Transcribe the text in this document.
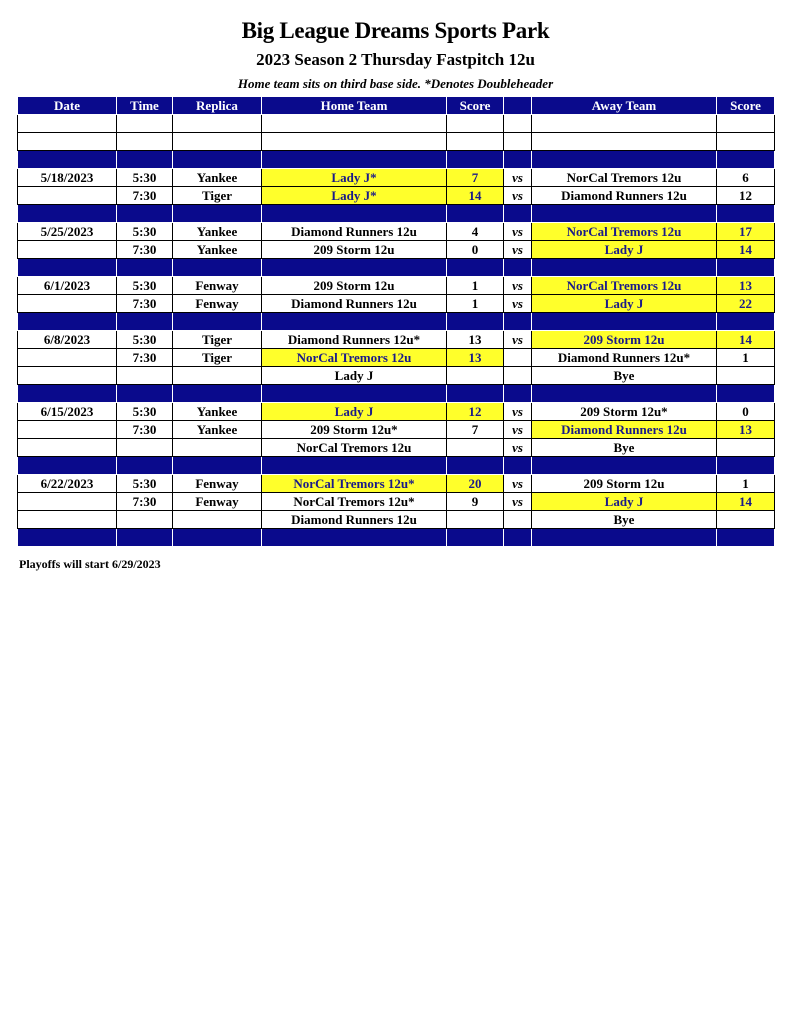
Big League Dreams Sports Park
2023 Season 2 Thursday Fastpitch 12u
Home team sits on third base side. *Denotes Doubleheader
Date	Time	Replica	Home Team	Score		Away Team	Score

5/18/2023	5:30	Yankee	Lady J*	7	vs	NorCal Tremors 12u	6
	7:30	Tiger	Lady J*	14	vs	Diamond Runners 12u	12

5/25/2023	5:30	Yankee	Diamond Runners 12u	4	vs	NorCal Tremors 12u	17
	7:30	Yankee	209 Storm 12u	0	vs	Lady J	14

6/1/2023	5:30	Fenway	209 Storm 12u	1	vs	NorCal Tremors 12u	13
	7:30	Fenway	Diamond Runners 12u	1	vs	Lady J	22

6/8/2023	5:30	Tiger	Diamond Runners 12u*	13	vs	209 Storm 12u	14
	7:30	Tiger	NorCal Tremors 12u	13		Diamond Runners 12u*	1
			Lady J			Bye	

6/15/2023	5:30	Yankee	Lady J	12	vs	209 Storm 12u*	0
	7:30	Yankee	209 Storm 12u*	7	vs	Diamond Runners 12u	13
			NorCal Tremors 12u		vs	Bye	

6/22/2023	5:30	Fenway	NorCal Tremors 12u*	20	vs	209 Storm 12u	1
	7:30	Fenway	NorCal Tremors 12u*	9	vs	Lady J	14
			Diamond Runners 12u			Bye	

Playoffs will start 6/29/2023
